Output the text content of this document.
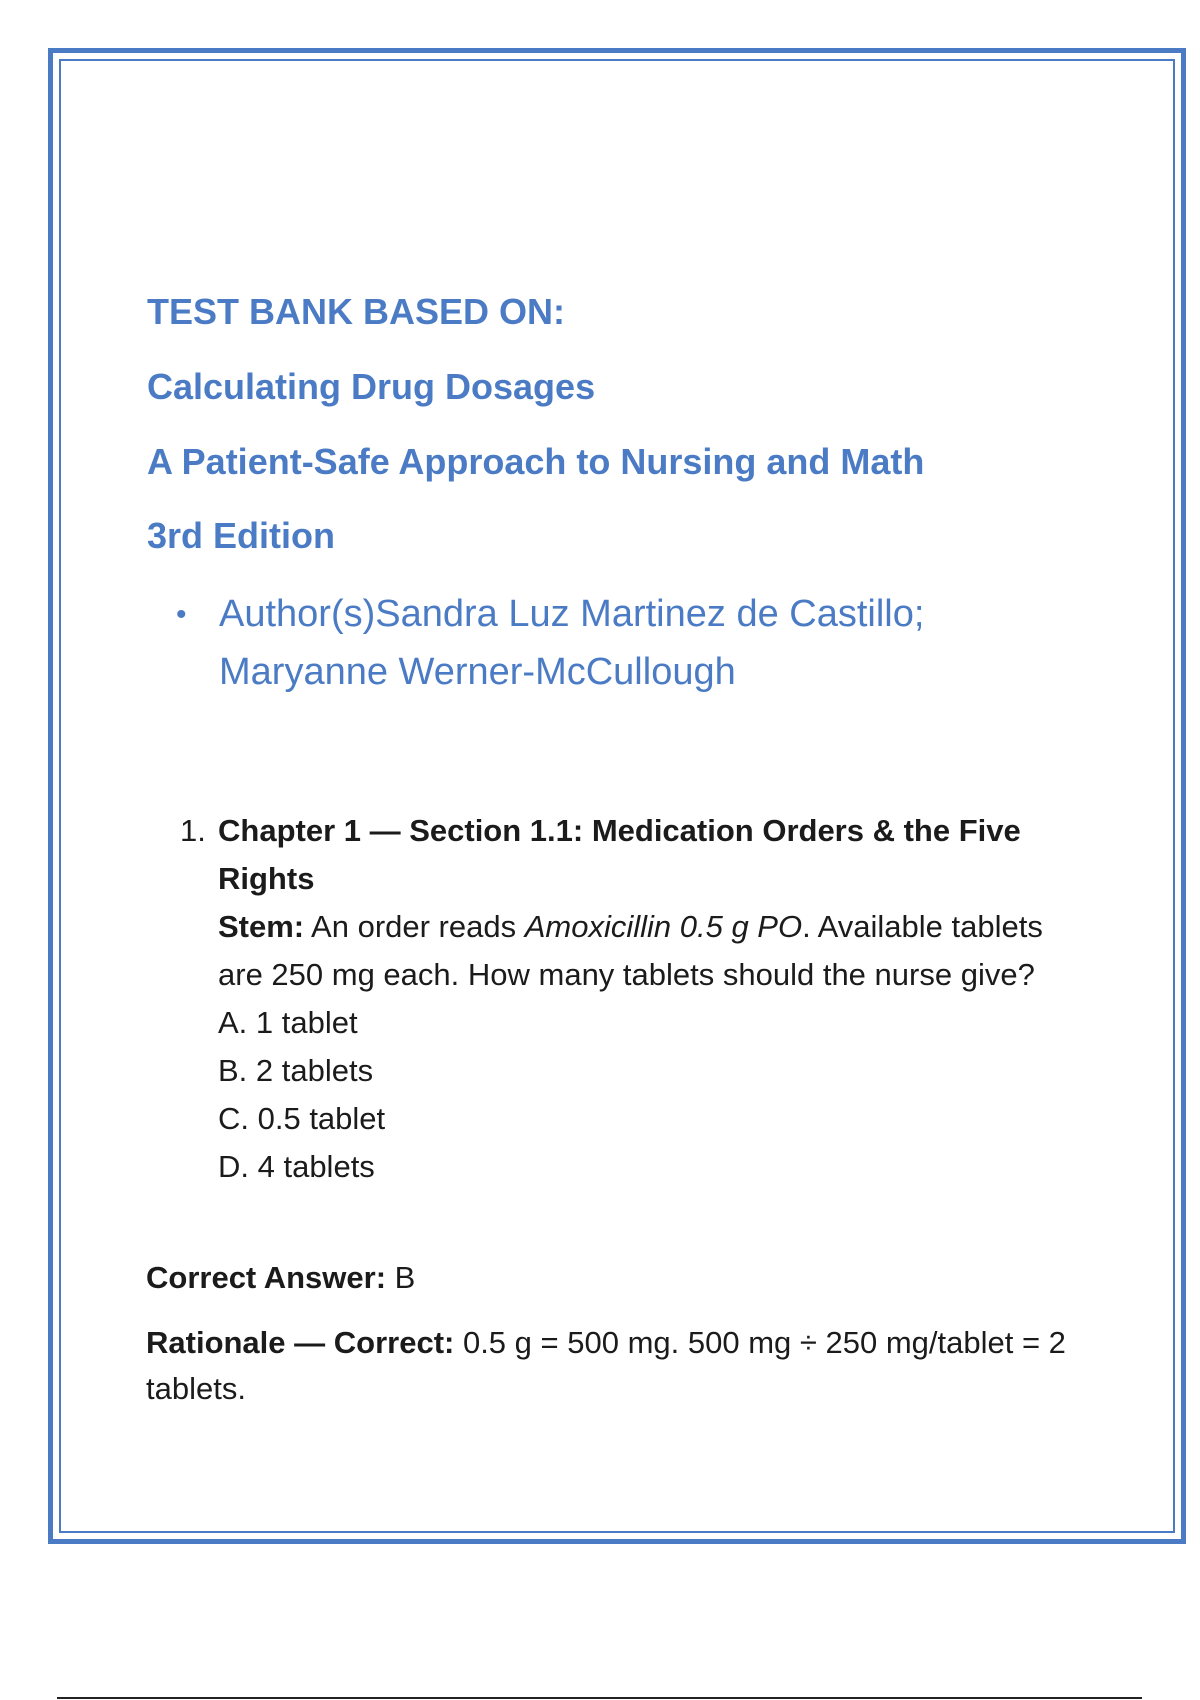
TEST BANK BASED ON:
Calculating Drug Dosages
A Patient-Safe Approach to Nursing and Math
3rd Edition
• Author(s)Sandra Luz Martinez de Castillo; Maryanne Werner-McCullough
1. Chapter 1 — Section 1.1: Medication Orders & the Five Rights
Stem: An order reads Amoxicillin 0.5 g PO. Available tablets are 250 mg each. How many tablets should the nurse give?
A. 1 tablet
B. 2 tablets
C. 0.5 tablet
D. 4 tablets

Correct Answer: B

Rationale — Correct: 0.5 g = 500 mg. 500 mg ÷ 250 mg/tablet = 2 tablets.
